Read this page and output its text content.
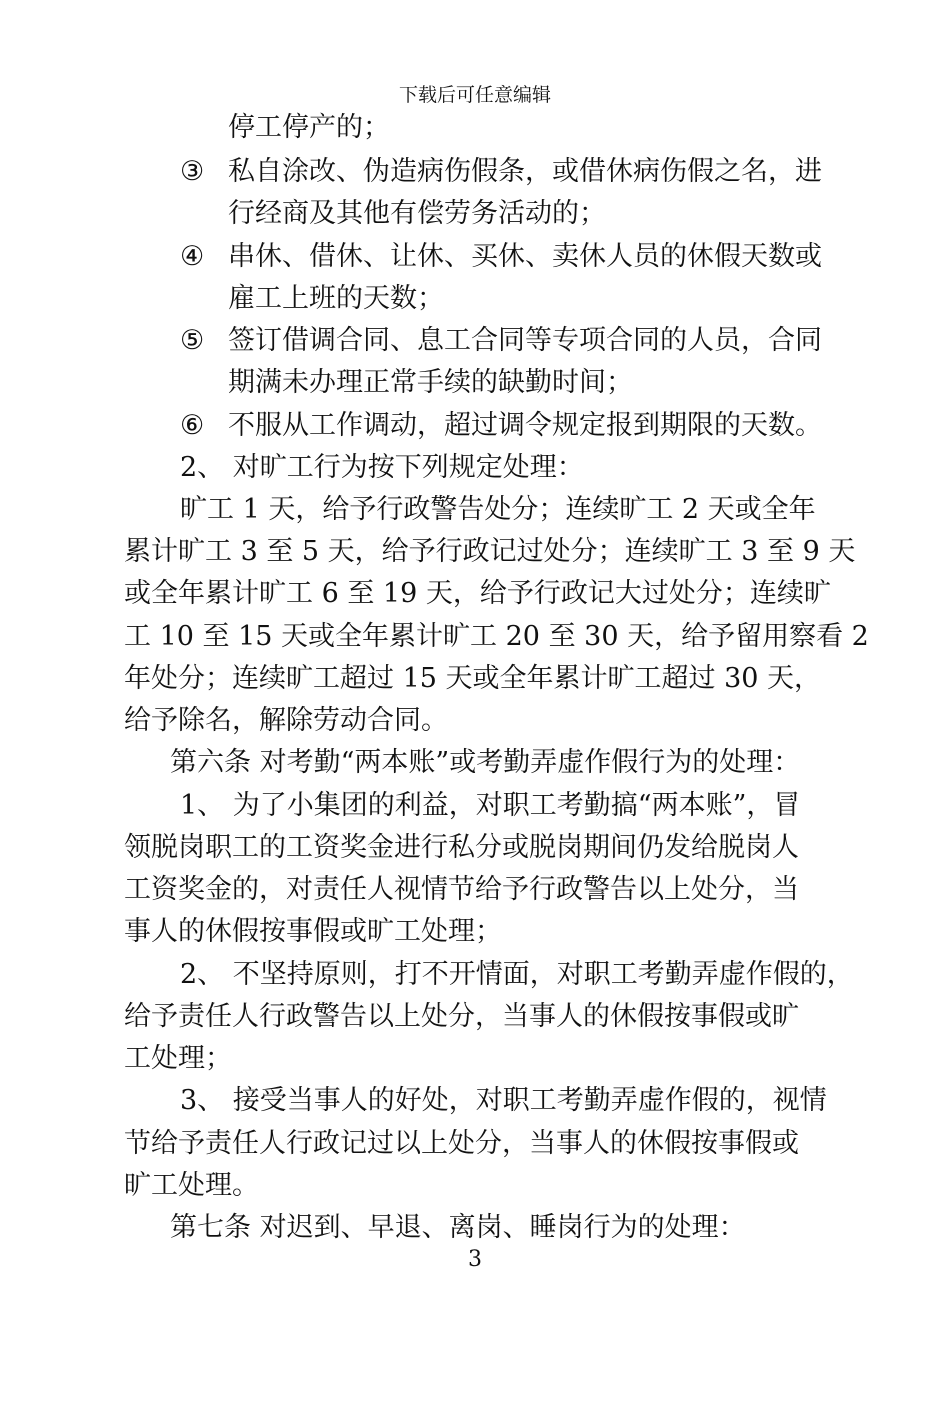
下载后可任意编辑
停工停产的；
③ 私自涂改、伪造病伤假条，或借休病伤假之名，进
行经商及其他有偿劳务活动的；
④ 串休、借休、让休、买休、卖休人员的休假天数或
雇工上班的天数；
⑤ 签订借调合同、息工合同等专项合同的人员，合同
期满未办理正常手续的缺勤时间；
⑥ 不服从工作调动，超过调令规定报到期限的天数。
2、 对旷工行为按下列规定处理：
旷工 1 天，给予行政警告处分；连续旷工 2 天或全年
累计旷工 3 至 5 天，给予行政记过处分；连续旷工 3 至 9 天
或全年累计旷工 6 至 19 天，给予行政记大过处分；连续旷
工 10 至 15 天或全年累计旷工 20 至 30 天，给予留用察看 2
年处分；连续旷工超过 15 天或全年累计旷工超过 30 天，
给予除名，解除劳动合同。
第六条 对考勤“两本账”或考勤弄虚作假行为的处理：
1、 为了小集团的利益，对职工考勤搞“两本账”，冒
领脱岗职工的工资奖金进行私分或脱岗期间仍发给脱岗人
工资奖金的，对责任人视情节给予行政警告以上处分，当
事人的休假按事假或旷工处理；
2、 不坚持原则，打不开情面，对职工考勤弄虚作假的，
给予责任人行政警告以上处分，当事人的休假按事假或旷
工处理；
3、 接受当事人的好处，对职工考勤弄虚作假的，视情
节给予责任人行政记过以上处分，当事人的休假按事假或
旷工处理。
第七条 对迟到、早退、离岗、睡岗行为的处理：
3
